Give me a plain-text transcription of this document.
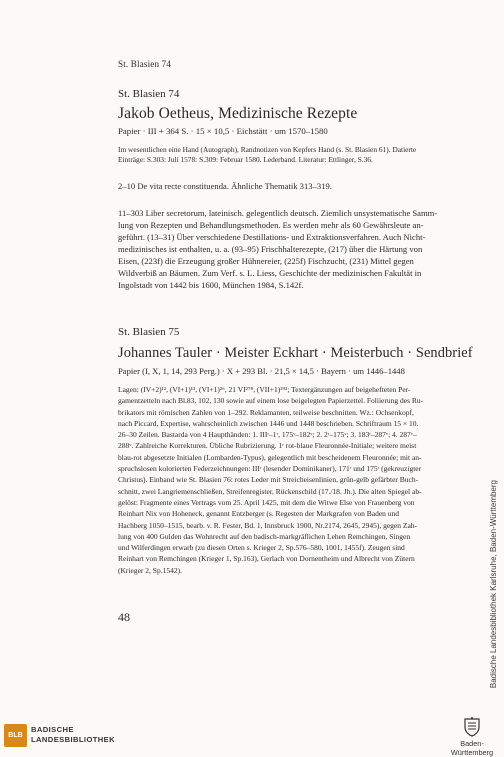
St. Blasien 74
St. Blasien 74
Jakob Oetheus, Medizinische Rezepte
Papier · III + 364 S. · 15 × 10,5 · Eichstätt · um 1570–1580
Im wesentlichen eine Hand (Autograph), Randnotizen von Kepfers Hand (s. St. Blasien 61). Datierte
Einträge: S.303: Juli 1578: S.309: Februar 1580. Lederband. Literatur: Ettlinger, S.36.
2–10 De vita recte constituenda. Ähnliche Thematik 313–319.
11–303 Liber secretorum, lateinisch. gelegentlich deutsch. Ziemlich unsystematische Samm-
lung von Rezepten und Behandlungsmethoden. Es werden mehr als 60 Gewährsleute an-
geführt. (13–31) Über verschiedene Destillations- und Extraktionsverfahren. Auch Nicht-
medizinisches ist enthalten, u. a. (93–95) Frischhalterezepte, (217) über die Härtung von
Eisen, (223f) die Erzeugung großer Hühnereier, (225f) Fischzucht, (231) Mittel gegen
Wildverbiß an Bäumen. Zum Verf. s. L. Liess, Geschichte der medizinischen Fakultät in
Ingolstadt von 1442 bis 1600, München 1984, S.142f.
St. Blasien 75
Johannes Tauler · Meister Eckhart · Meisterbuch · Sendbrief
Papier (I, X, 1, 14, 293 Perg.) · X + 293 Bl. · 21,5 × 14,5 · Bayern · um 1446–1448
Lagen: (IV+2)¹², (VI+1)¹³, (VI+1)²⁶, 21 VI²⁷⁸, (VII+1)²⁹³; Textergänzungen auf beigehefteten Per-
gamentzetteln nach Bl.83, 102, 130 sowie auf einem lose beigelegten Papierzettel. Foliierung des Ru-
brikators mit römischen Zahlen von 1–292. Reklamanten, teilweise beschnitten. Wz.: Ochsenkopf,
nach Piccard, Expertise, wahrscheinlich zwischen 1446 und 1448 beschrieben. Schriftraum 15 × 10.
26–30 Zeilen. Bastarda von 4 Haupthänden: 1. IIIʳ–1ʳ, 175ᵛ–182ᵛ; 2. 2ʳ–175ᵛ; 3. 183ʳ–287ᵛ; 4. 287ᵛ–
288ᵛ. Zahlreiche Korrekturen. Übliche Rubrizierung. 1ʳ rot-blaue Fleuronnée-Initiale; weitere meist
blau-rot abgesetzte Initialen (Lombarden-Typus), gelegentlich mit bescheidenem Fleuronnée; mit an-
spruchslosen kolorierten Federzeichnungen: IIIʳ (lesender Dominikaner), 171ʳ und 175ʳ (gekreuzigter
Christus). Einband wie St. Blasien 76: rotes Leder mit Streicheisenlinien, grün-gelb gefärbter Buch-
schnitt, zwei Langriemenschließen, Streifenregister, Rückenschild (17./18. Jh.). Die alten Spiegel ab-
gelöst: Fragmente eines Vertrags vom 25. April 1425, mit dem die Witwe Else von Frauenberg von
Reinhart Nix von Hoheneck, genannt Entzberger (s. Regesten der Markgrafen von Baden und
Hachberg 1050–1515, bearb. v. R. Fester, Bd. 1, Innsbruck 1900, Nr.2174, 2645, 2945), gegen Zah-
lung von 400 Gulden das Wohnrecht auf den badisch-markgräflichen Lehen Remchingen, Singen
und Wilferdingen erwarb (zu diesen Orten s. Krieger 2, Sp.576–580, 1001, 1455f). Zeugen sind
Reinhart von Remchingen (Krieger 1, Sp.163), Gerlach von Dornentheim und Albrecht von Zütern
(Krieger 2, Sp.1542).
48	Badische Landesbibliothek Karlsruhe, Baden-Württemberg
BLB
BADISCHE
LANDESBIBLIOTHEK	Baden-Württemberg
